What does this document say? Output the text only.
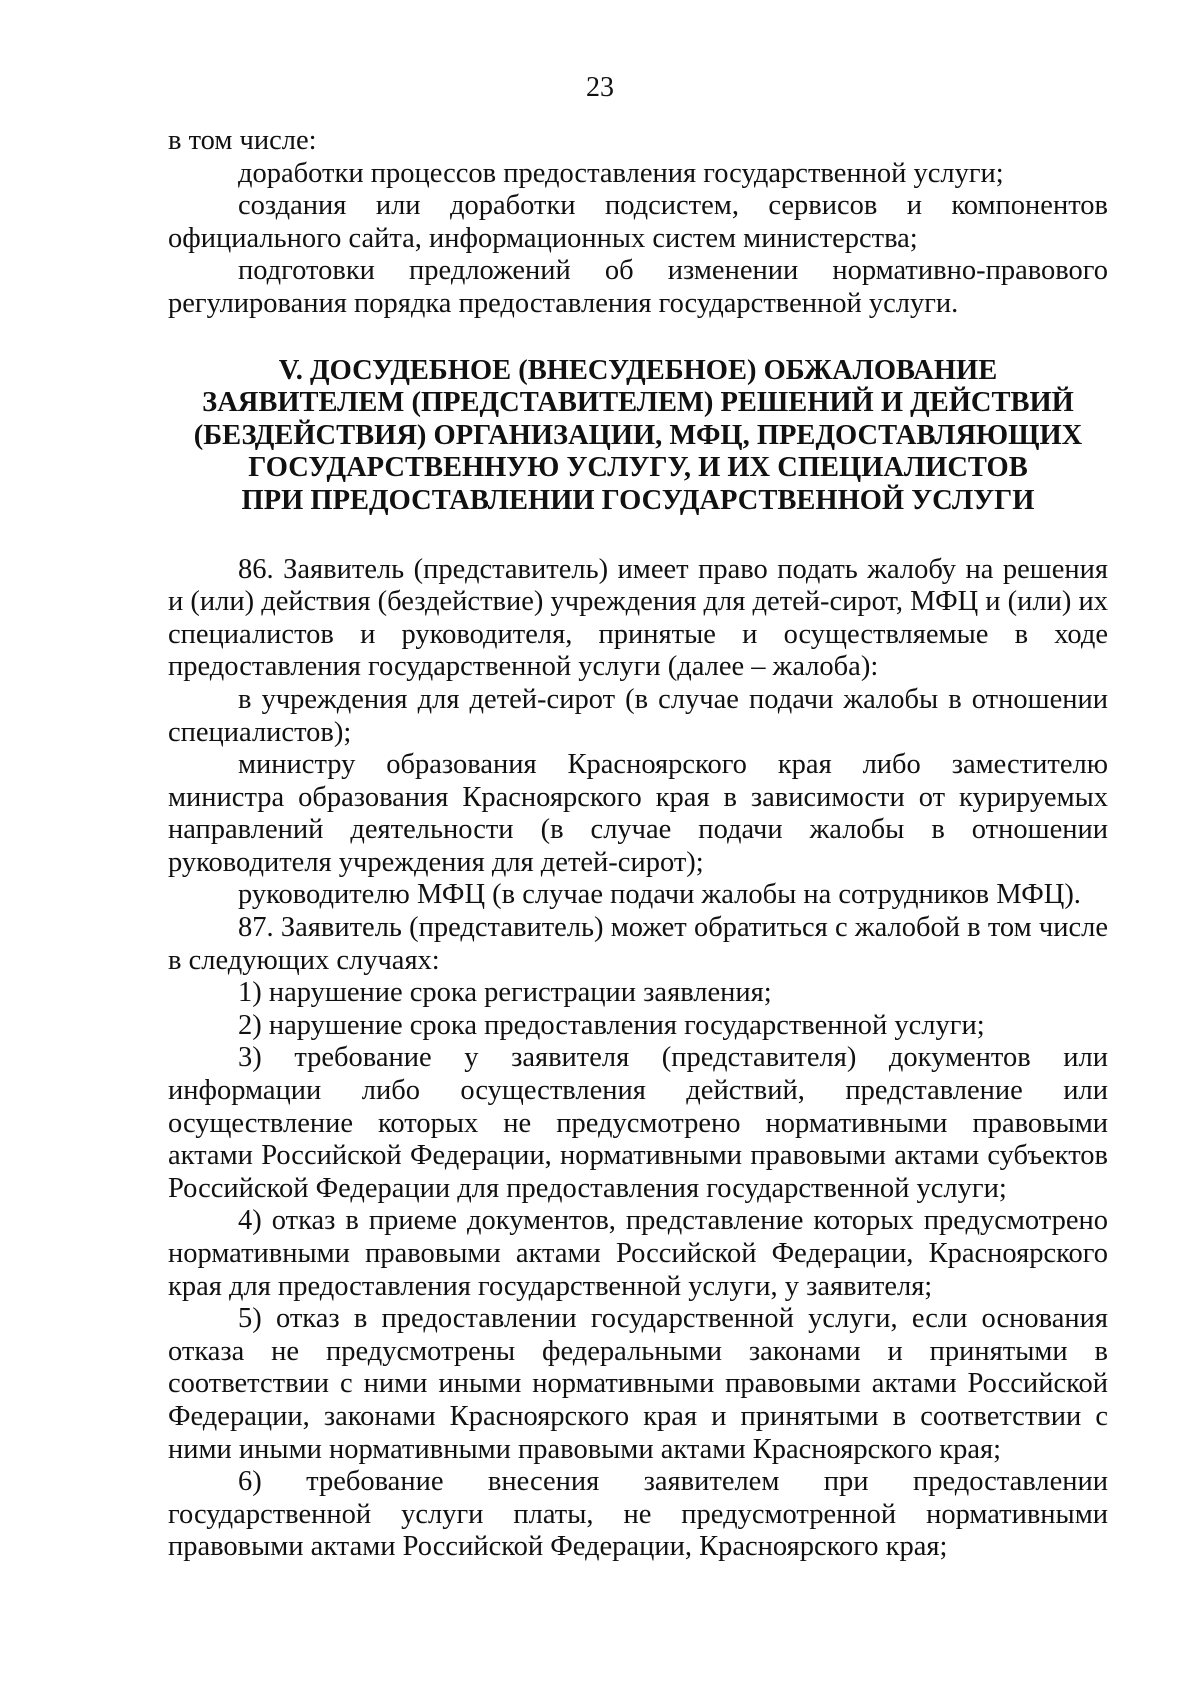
23

в том числе:

доработки процессов предоставления государственной услуги;

создания или доработки подсистем, сервисов и компонентов официального сайта, информационных систем министерства;

подготовки предложений об изменении нормативно-правового регулирования порядка предоставления государственной услуги.

V. ДОСУДЕБНОЕ (ВНЕСУДЕБНОЕ) ОБЖАЛОВАНИЕ
ЗАЯВИТЕЛЕМ (ПРЕДСТАВИТЕЛЕМ) РЕШЕНИЙ И ДЕЙСТВИЙ
(БЕЗДЕЙСТВИЯ) ОРГАНИЗАЦИИ, МФЦ, ПРЕДОСТАВЛЯЮЩИХ
ГОСУДАРСТВЕННУЮ УСЛУГУ, И ИХ СПЕЦИАЛИСТОВ
ПРИ ПРЕДОСТАВЛЕНИИ ГОСУДАРСТВЕННОЙ УСЛУГИ

86. Заявитель (представитель) имеет право подать жалобу на решения и (или) действия (бездействие) учреждения для детей-сирот, МФЦ и (или) их специалистов и руководителя, принятые и осуществляемые в ходе предоставления государственной услуги (далее – жалоба):

в учреждения для детей-сирот (в случае подачи жалобы в отношении специалистов);

министру образования Красноярского края либо заместителю министра образования Красноярского края в зависимости от курируемых направлений деятельности (в случае подачи жалобы в отношении руководителя учреждения для детей-сирот);

руководителю МФЦ (в случае подачи жалобы на сотрудников МФЦ).

87. Заявитель (представитель) может обратиться с жалобой в том числе в следующих случаях:

1) нарушение срока регистрации заявления;

2) нарушение срока предоставления государственной услуги;

3) требование у заявителя (представителя) документов или информации либо осуществления действий, представление или осуществление которых не предусмотрено нормативными правовыми актами Российской Федерации, нормативными правовыми актами субъектов Российской Федерации для предоставления государственной услуги;

4) отказ в приеме документов, представление которых предусмотрено нормативными правовыми актами Российской Федерации, Красноярского края для предоставления государственной услуги, у заявителя;

5) отказ в предоставлении государственной услуги, если основания отказа не предусмотрены федеральными законами и принятыми в соответствии с ними иными нормативными правовыми актами Российской Федерации, законами Красноярского края и принятыми в соответствии с ними иными нормативными правовыми актами Красноярского края;

6) требование внесения заявителем при предоставлении государственной услуги платы, не предусмотренной нормативными правовыми актами Российской Федерации, Красноярского края;
